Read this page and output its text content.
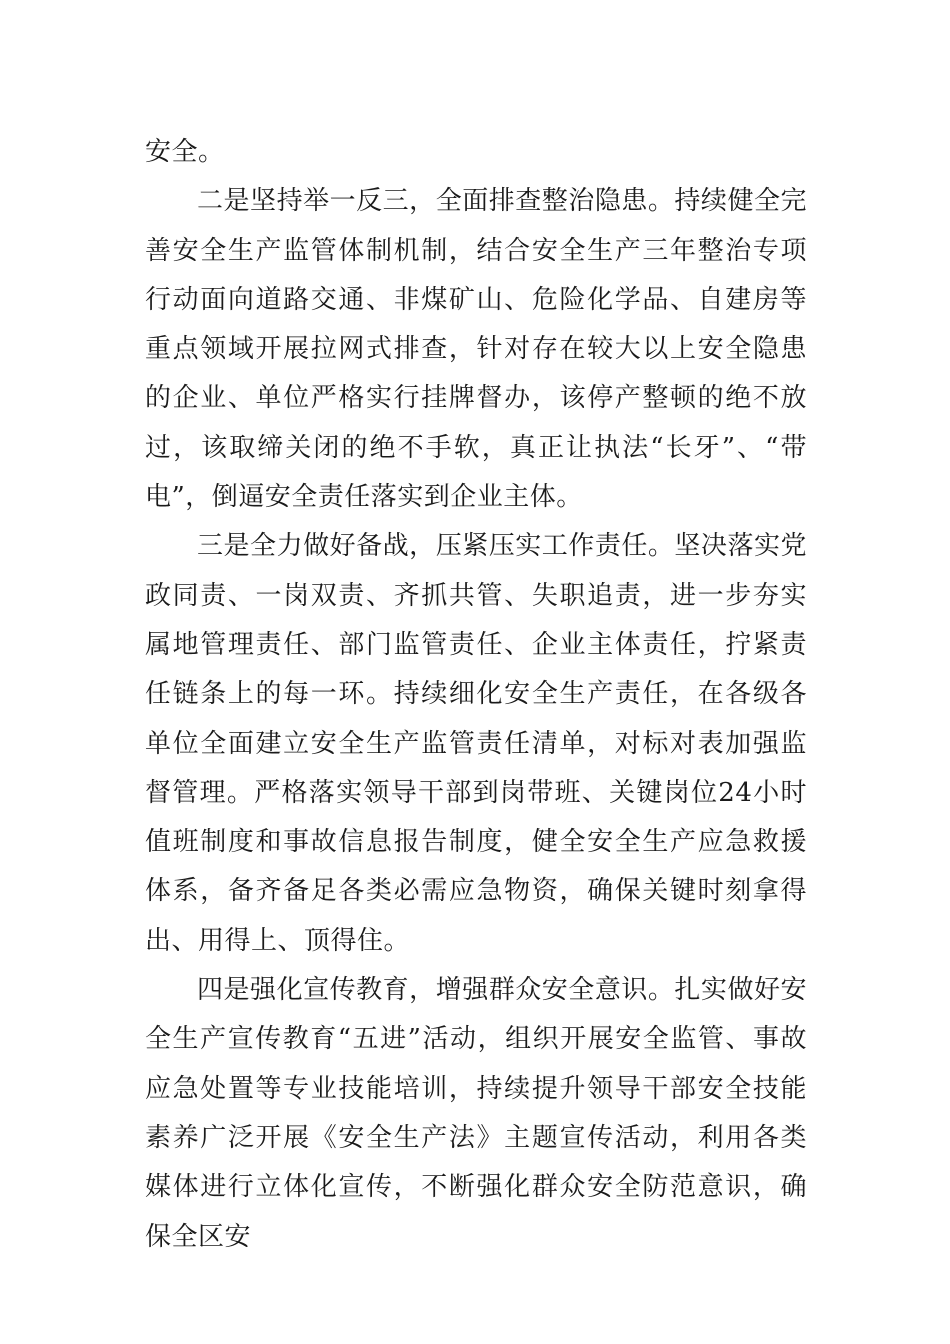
安全。

二是坚持举一反三，全面排查整治隐患。持续健全完善安全生产监管体制机制，结合安全生产三年整治专项行动面向道路交通、非煤矿山、危险化学品、自建房等重点领域开展拉网式排查，针对存在较大以上安全隐患的企业、单位严格实行挂牌督办，该停产整顿的绝不放过，该取缔关闭的绝不手软，真正让执法“长牙”、“带电”，倒逼安全责任落实到企业主体。

三是全力做好备战，压紧压实工作责任。坚决落实党政同责、一岗双责、齐抓共管、失职追责，进一步夯实属地管理责任、部门监管责任、企业主体责任，拧紧责任链条上的每一环。持续细化安全生产责任，在各级各单位全面建立安全生产监管责任清单，对标对表加强监督管理。严格落实领导干部到岗带班、关键岗位24小时值班制度和事故信息报告制度，健全安全生产应急救援体系，备齐备足各类必需应急物资，确保关键时刻拿得出、用得上、顶得住。

四是强化宣传教育，增强群众安全意识。扎实做好安全生产宣传教育“五进”活动，组织开展安全监管、事故应急处置等专业技能培训，持续提升领导干部安全技能素养广泛开展《安全生产法》主题宣传活动，利用各类媒体进行立体化宣传，不断强化群众安全防范意识，确保全区安
